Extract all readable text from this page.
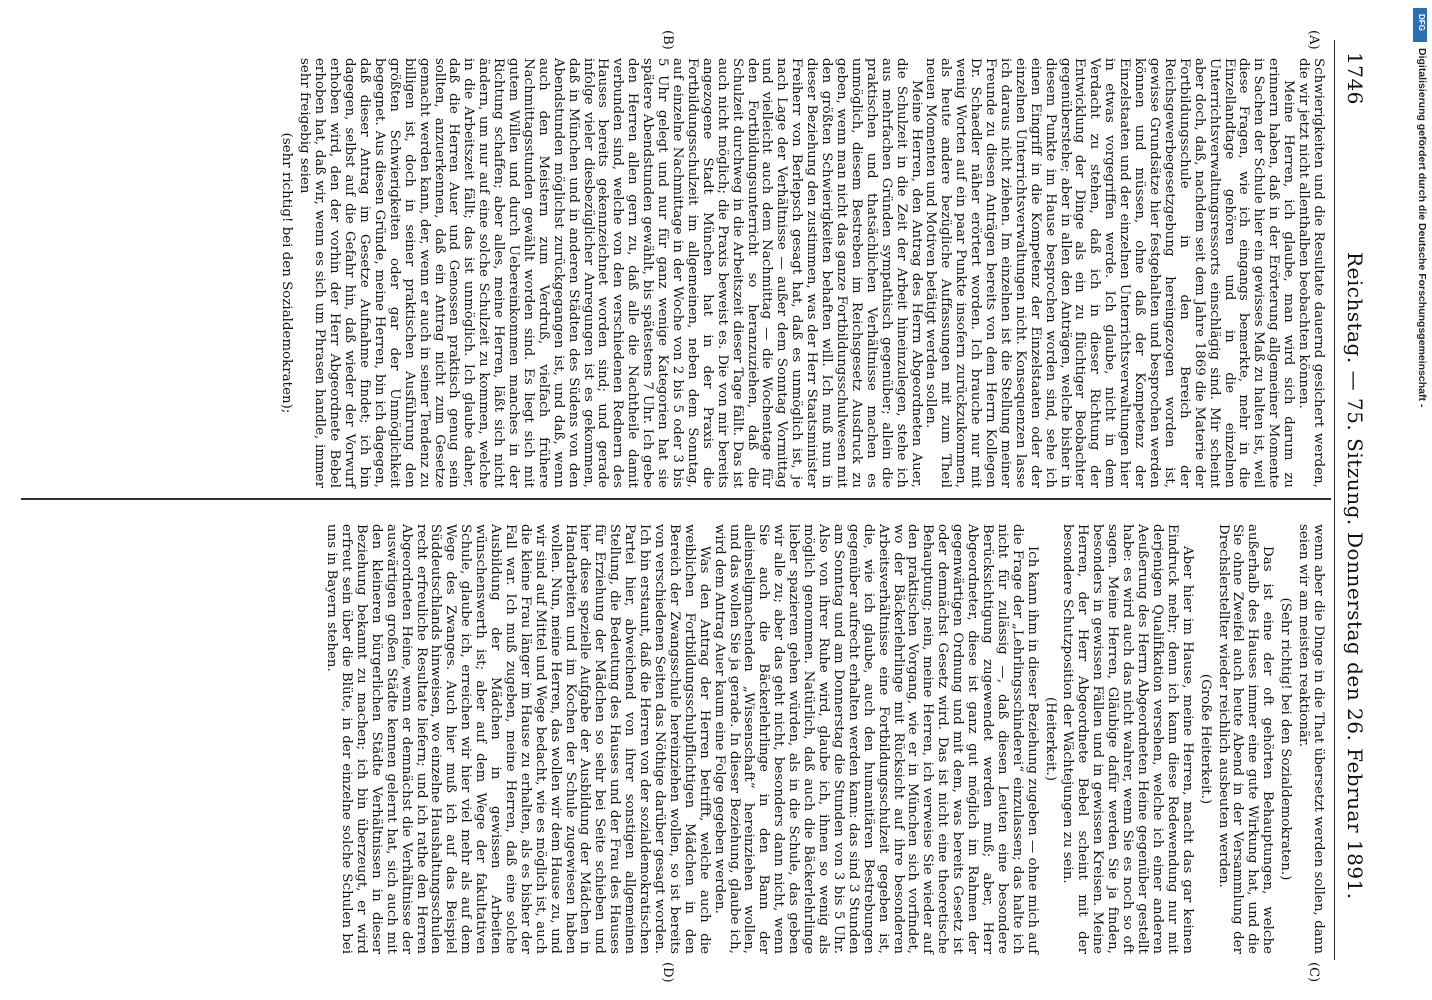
1746
Reichstag. — 75. Sitzung.
Donnerstag den 26. Februar 1891.
(A)
(B)
(C)
(D)

Schwierigkeiten und die Resultate dauernd gesichert werden, die wir jetzt nicht allenthalben beobachten können.

Meine Herren, ich glaube, man wird sich darum zu erinnern haben, daß in der Erörterung allgemeiner Momente in Sachen der Schule hier ein gewisses Maß zu halten ist, weil diese Fragen, wie ich eingangs bemerkte, mehr in die Einzellandtage gehören und in die einzelnen Unterrichtsverwaltungsressorts einschlägig sind. Mir scheint aber doch, daß, nachdem seit dem Jahre 1869 die Materie der Fortbildungsschule in den Bereich der Reichsgewerbegesetzgebung hereingezogen worden ist, gewisse Grundsätze hier festgehalten und besprochen werden können und müssen, ohne daß der Kompetenz der Einzelstaaten und der einzelnen Unterrichtsverwaltungen hier in etwas vorgegriffen werde. Ich glaube, nicht in dem Verdacht zu stehen, daß ich in dieser Richtung der Entwicklung der Dinge als ein zu flüchtiger Beobachter gegenüberstehe; aber in allen den Anträgen, welche bisher in diesem Punkte im Hause besprochen worden sind, sehe ich einen Eingriff in die Kompetenz der Einzelstaaten oder der einzelnen Unterrichtsverwaltungen nicht. Konsequenzen lasse ich daraus nicht ziehen. Im einzelnen ist die Stellung meiner Freunde zu diesen Anträgen bereits von dem Herrn Kollegen Dr. Schaedler näher erörtert worden. Ich brauche nur mit wenig Worten auf ein paar Punkte insofern zurückzukommen, als heute andere bezügliche Auffassungen mit zum Theil neuen Momenten und Motiven betätigt werden sollen.

Meine Herren, den Antrag des Herrn Abgeordneten Auer, die Schulzeit in die Zeit der Arbeit hineinzulegen, stehe ich aus mehrfachen Gründen sympathisch gegenüber; allein die praktischen und thatsächlichen Verhältnisse machen es unmöglich, diesem Bestreben im Reichsgesetz Ausdruck zu geben, wenn man nicht das ganze Fortbildungsschulwesen mit den größten Schwierigkeiten behaften will. Ich muß nun in dieser Beziehung den zustimmen, was der Herr Staatsminister Freiherr von Berlepsch gesagt hat, daß es unmöglich ist, je nach Lage der Verhältnisse — außer dem Sonntag Vormittag und vielleicht auch dem Nachmittag — die Wochentage für den Fortbildungsunterricht so heranzuziehen, daß die Schulzeit durchweg in die Arbeitszeit dieser Tage fällt. Das ist auch nicht möglich; die Praxis beweist es. Die von mir bereits angezogene Stadt München hat in der Praxis die Fortbildungsschulzeit im allgemeinen, neben dem Sonntag, auf einzelne Nachmittage in der Woche von 2 bis 5 oder 3 bis 5 Uhr gelegt und nur für ganz wenige Kategorien hat sie spätere Abendstunden gewählt, bis spätestens 7 Uhr. Ich gebe den Herren allen gern zu, daß alle die Nachtheile damit verbunden sind, welche von den verschiedenen Rednern des Hauses bereits gekennzeichnet worden sind; und gerade infolge vieler diesbezüglicher Anregungen ist es gekommen, daß in München und in anderen Städten des Südens von den Abendstunden möglichst zurückgegangen ist, und daß, wenn auch den Meistern zum Verdruß, vielfach frühere Nachmittagsstunden gewählt worden sind. Es liegt sich mit gutem Willen und durch Uebereinkommen manches in der Richtung schaffen; aber alles, meine Herren, läßt sich nicht ändern, um nur auf eine solche Schulzeit zu kommen, welche in die Arbeitszeit fällt; das ist unmöglich. Ich glaube daher, daß die Herren Auer und Genossen praktisch genug sein sollten, anzuerkennen, daß ein Antrag nicht zum Gesetze gemacht werden kann, der, wenn er auch in seiner Tendenz zu billigen ist, doch in seiner praktischen Ausführung den größten Schwierigkeiten oder gar der Unmöglichkeit begegnet. Aus diesen Gründe, meine Herren, bin ich dagegen, daß dieser Antrag im Gesetze Aufnahme findet; ich bin dagegen, selbst auf die Gefahr hin, daß wieder der Vorwurf erhoben wird, den der vorhin der Herr Abgeordnete Bebel erhoben hat, daß wir, wenn es sich um Phrasen handle, immer sehr freigebig seien

(sehr richtig! bei den Sozialdemokraten);

wenn aber die Dinge in die That übersetzt werden sollen, dann seien wir am meisten reaktionär.

(Sehr richtig! bei den Sozialdemokraten.)

Das ist eine der oft gehörten Behauptungen, welche außerhalb des Hauses immer eine gute Wirkung hat, und die Sie ohne Zweifel auch heute Abend in der Versammlung der Drechslerstellter wieder reichlich ausbeuten werden.

(Große Heiterkeit.)

Aber hier im Hause, meine Herren, macht das gar keinen Eindruck mehr; denn ich kann diese Redewendung nur mit derjenigen Qualifikation versehen, welche ich einer anderen Aeußerung des Herrn Abgeordneten Heine gegenüber gestellt habe: es wird auch das nicht wahrer, wenn Sie es noch so oft sagen. Meine Herren, Gläubige dafür werden Sie ja finden, besonders in gewissen Fällen und in gewissen Kreisen. Meine Herren, der Herr Abgeordnete Bebel scheint mit der besondere Schutzposition der Wächtejungen zu sein.

(Heiterkeit.)

Ich kann ihm in dieser Beziehung zugeben — ohne mich auf die Frage der „Lehrlingsschinderei“ einzulassen; das halte ich nicht für zulässig —, daß diesen Leuten eine besondere Berücksichtigung zugewendet werden muß; aber, Herr Abgeordneter, diese ist ganz gut möglich im Rahmen der gegenwärtigen Ordnung und mit dem, was bereits Gesetz ist oder demnächst Gesetz wird. Das ist nicht eine theoretische Behauptung; nein, meine Herren, ich verweise Sie wieder auf den praktischen Vorgang, wie er in München sich vorfindet, wo der Bäckerlehrlinge mit Rücksicht auf ihre besonderen Arbeitsverhältnisse eine Fortbildungsschulzeit gegeben ist, die, wie ich glaube, auch den humanitären Bestrebungen gegenüber aufrecht erhalten werden kann: das sind 3 Stunden am Sonntag und am Donnerstag die Stunden von 3 bis 5 Uhr. Also von ihrer Ruhe wird, glaube ich, ihnen so wenig als möglich genommen. Natürlich, daß auch die Bäckerlehrlinge lieber spazieren gehen würden, als in die Schule, das geben wir alle zu; aber das geht nicht, besonders dann nicht, wenn Sie auch die Bäckerlehrlinge in den Bann der alleinseligmachenden „Wissenschaft“ hereinziehen wollen, und das wollen Sie ja gerade. In dieser Beziehung, glaube ich, wird dem Antrag Auer kaum eine Folge gegeben werden.

Was den Antrag der Herren betrifft, welche auch die weiblichen Fortbildungsschulpflichtigen Mädchen in den Bereich der Zwangsschule hereinziehen wollen, so ist bereits von verschiedenen Seiten das Nöthige darüber gesagt worden. Ich bin erstaunt, daß die Herren von der sozialdemokratischen Partei hier, abweichend von ihrer sonstigen allgemeinen Stellung, die Bedeutung des Hauses und der Frau des Hauses für Erziehung der Mädchen so sehr bei Seite schieben und hier diese spezielle Aufgabe der Ausbildung der Mädchen in Handarbeiten und im Kochen der Schule zugewiesen haben wollen. Nun, meine Herren, das wollen wir dem Hause zu, und wir sind auf Mittel und Wege bedacht, wie es möglich ist, auch die kleine Frau länger im Hause zu erhalten, als es bisher der Fall war. Ich muß zugeben, meine Herren, daß eine solche Ausbildung der Mädchen in gewissen Arbeiten wünschenswerth ist; aber auf dem Wege der fakultativen Schule, glaube ich, erreichen wir hier viel mehr als auf dem Wege des Zwanges. Auch hier muß ich auf das Beispiel Süddeutschlands hinweisen, wo einzelne Haushaltungsschulen recht erfreuliche Resultate liefern; und ich rathe den Herren Abgeordneten Heine, wenn er demnächst die Verhältnisse der auswärtigen großen Städte kennen gelernt hat, sich auch mit den kleineren bürgerlichen Städte Verhältnissen in dieser Beziehung bekannt zu machen; ich bin überzeugt, er wird erfreut sein über die Blüte, in der einzelne solche Schulen bei uns in Bayern stehen.

DFG
Digitalisierung gefördert durch die Deutsche Forschungsgemeinschaft -
